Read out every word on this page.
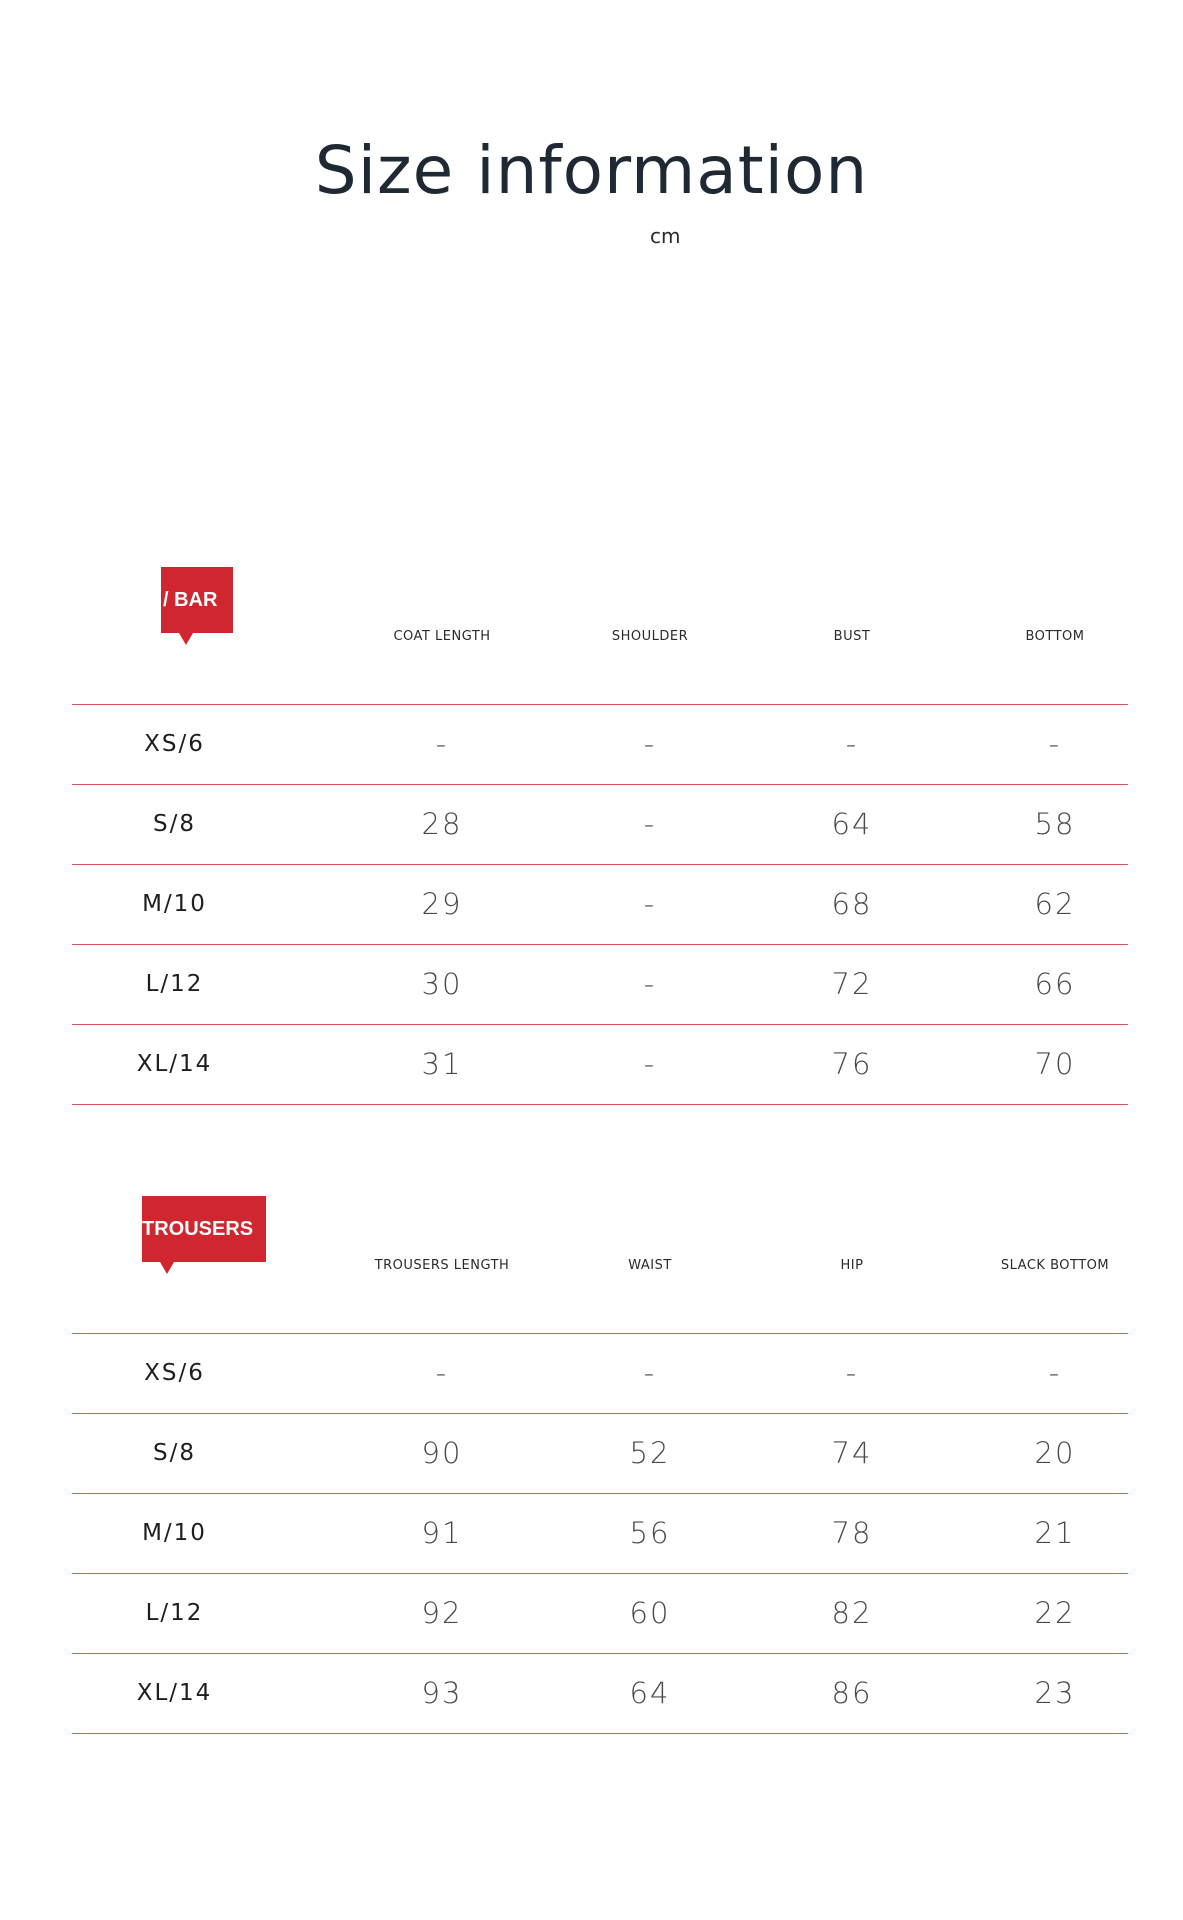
Size information
cm
/ BAR
COAT LENGTH	SHOULDER	BUST	BOTTOM
XS/6	-	-	-	-
S/8	28	-	64	58
M/10	29	-	68	62
L/12	30	-	72	66
XL/14	31	-	76	70
TROUSERS
TROUSERS LENGTH	WAIST	HIP	SLACK BOTTOM
XS/6	-	-	-	-
S/8	90	52	74	20
M/10	91	56	78	21
L/12	92	60	82	22
XL/14	93	64	86	23
